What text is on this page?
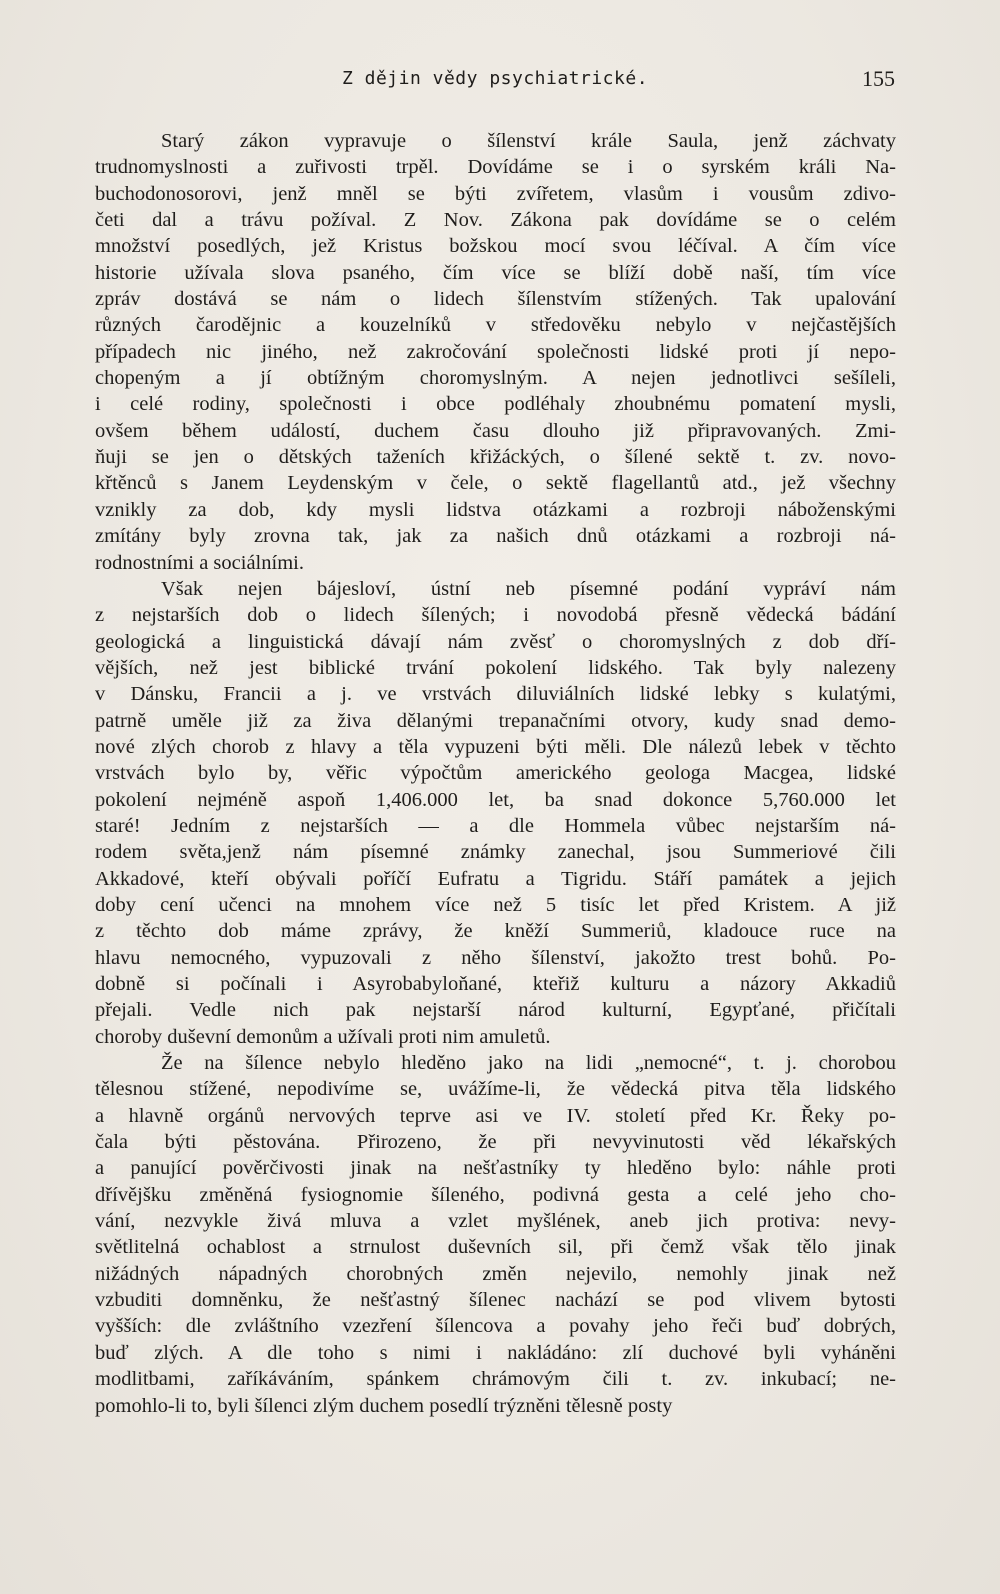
Z dějin vědy psychiatrické.	155
Starý zákon vypravuje o šílenství krále Saula, jenž záchvaty
trudnomyslnosti a zuřivosti trpěl. Dovídáme se i o syrském králi Na-
buchodonosorovi, jenž mněl se býti zvířetem, vlasům i vousům zdivo-
četi dal a trávu požíval. Z Nov. Zákona pak dovídáme se o celém
množství posedlých, jež Kristus božskou mocí svou léčíval. A čím více
historie užívala slova psaného, čím více se blíží době naší, tím více
zpráv dostává se nám o lidech šílenstvím stížených. Tak upalování
různých čarodějnic a kouzelníků v středověku nebylo v nejčastějších
případech nic jiného, než zakročování společnosti lidské proti jí nepo-
chopeným a jí obtížným choromyslným. A nejen jednotlivci sešíleli,
i celé rodiny, společnosti i obce podléhaly zhoubnému pomatení mysli,
ovšem během událostí, duchem času dlouho již připravovaných. Zmi-
ňuji se jen o dětských taženích křižáckých, o šílené sektě t. zv. novo-
křtěnců s Janem Leydenským v čele, o sektě flagellantů atd., jež všechny
vznikly za dob, kdy mysli lidstva otázkami a rozbroji náboženskými
zmítány byly zrovna tak, jak za našich dnů otázkami a rozbroji ná-
rodnostními a sociálními.
Však nejen bájesloví, ústní neb písemné podání vypráví nám
z nejstarších dob o lidech šílených; i novodobá přesně vědecká bádání
geologická a linguistická dávají nám zvěsť o choromyslných z dob dří-
vějších, než jest biblické trvání pokolení lidského. Tak byly nalezeny
v Dánsku, Francii a j. ve vrstvách diluviálních lidské lebky s kulatými,
patrně uměle již za živa dělanými trepanačními otvory, kudy snad demo-
nové zlých chorob z hlavy a těla vypuzeni býti měli. Dle nálezů lebek v těchto
vrstvách bylo by, věřic výpočtům amerického geologa Macgea, lidské
pokolení nejméně aspoň 1,406.000 let, ba snad dokonce 5,760.000 let
staré! Jedním z nejstarších — a dle Hommela vůbec nejstarším ná-
rodem světa,jenž nám písemné známky zanechal, jsou Summeriové čili
Akkadové, kteří obývali poříčí Eufratu a Tigridu. Stáří památek a jejich
doby cení učenci na mnohem více než 5 tisíc let před Kristem. A již
z těchto dob máme zprávy, že kněží Summeriů, kladouce ruce na
hlavu nemocného, vypuzovali z něho šílenství, jakožto trest bohů. Po-
dobně si počínali i Asyrobabyloňané, kteřiž kulturu a názory Akkadiů
přejali. Vedle nich pak nejstarší národ kulturní, Egypťané, přičítali
choroby duševní demonům a užívali proti nim amuletů.
Že na šílence nebylo hleděno jako na lidi „nemocné“, t. j. chorobou
tělesnou stížené, nepodivíme se, uvážíme-li, že vědecká pitva těla lidského
a hlavně orgánů nervových teprve asi ve IV. století před Kr. Řeky po-
čala býti pěstována. Přirozeno, že při nevyvinutosti věd lékařských
a panující pověrčivosti jinak na nešťastníky ty hleděno bylo: náhle proti
dřívějšku změněná fysiognomie šíleného, podivná gesta a celé jeho cho-
vání, nezvykle živá mluva a vzlet myšlének, aneb jich protiva: nevy-
světlitelná ochablost a strnulost duševních sil, při čemž však tělo jinak
nižádných nápadných chorobných změn nejevilo, nemohly jinak než
vzbuditi domněnku, že nešťastný šílenec nachází se pod vlivem bytosti
vyšších: dle zvláštního vzezření šílencova a povahy jeho řeči buď dobrých,
buď zlých. A dle toho s nimi i nakládáno: zlí duchové byli vyháněni
modlitbami, zaříkáváním, spánkem chrámovým čili t. zv. inkubací; ne-
pomohlo-li to, byli šílenci zlým duchem posedlí trýzněni tělesně posty
